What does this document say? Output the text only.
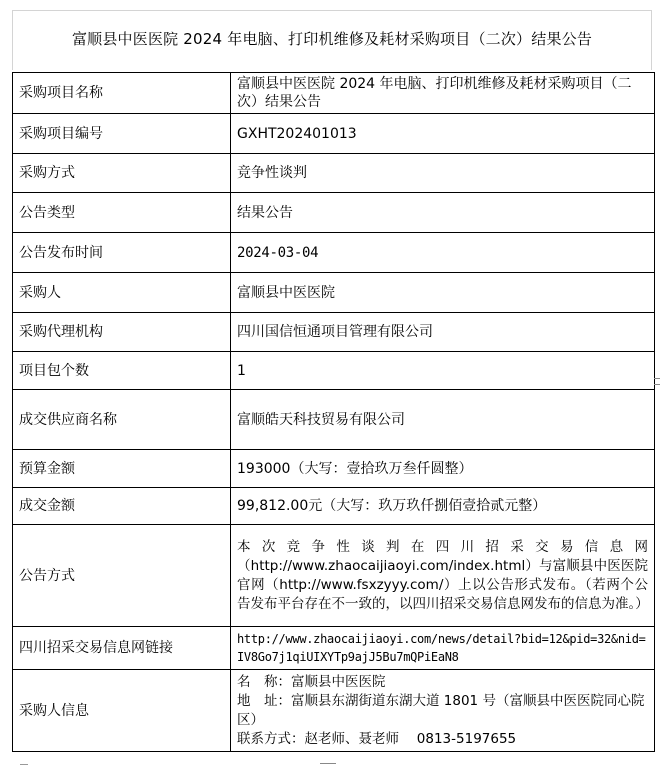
富顺县中医医院 2024 年电脑、打印机维修及耗材采购项目（二次）结果公告
采购项目名称	富顺县中医医院 2024 年电脑、打印机维修及耗材采购项目（二次）结果公告
采购项目编号	GXHT202401013
采购方式	竞争性谈判
公告类型	结果公告
公告发布时间	2024-03-04
采购人	富顺县中医医院
采购代理机构	四川国信恒通项目管理有限公司
项目包个数	1
成交供应商名称	富顺皓天科技贸易有限公司
预算金额	193000（大写：壹拾玖万叁仟圆整）
成交金额	99,812.00元（大写：玖万玖仟捌佰壹拾贰元整）
公告方式	本次竞争性谈判在四川招采交易信息网（http://www.zhaocaijiaoyi.com/index.html）与富顺县中医医院官网（http://www.fsxzyyy.com/）上以公告形式发布。（若两个公告发布平台存在不一致的，以四川招采交易信息网发布的信息为准。）
四川招采交易信息网链接	http://www.zhaocaijiaoyi.com/news/detail?bid=12&pid=32&nid=IV8Go7j1qiUIXYTp9ajJ5Bu7mQPiEaN8
采购人信息	名　称：富顺县中医医院
地　址：富顺县东湖街道东湖大道 1801 号（富顺县中医医院同心院区）
联系方式：赵老师、聂老师　 0813-5197655
